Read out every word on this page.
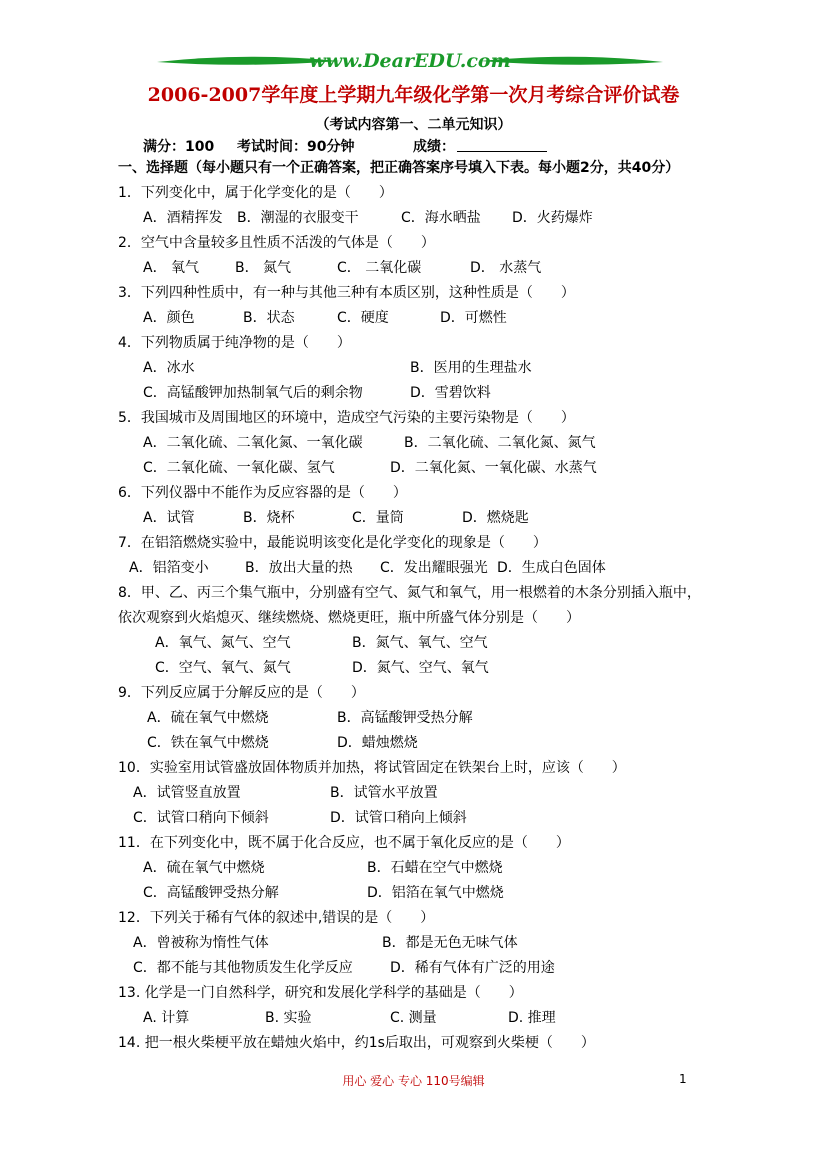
www.DearEDU.com
2006-2007学年度上学期九年级化学第一次月考综合评价试卷
（考试内容第一、二单元知识）
满分：100 考试时间：90分钟	成绩：
一、选择题（每小题只有一个正确答案，把正确答案序号填入下表。每小题2分，共40分）
1．下列变化中，属于化学变化的是（　　）
A．酒精挥发 B．潮湿的衣服变干	C．海水晒盐 D．火药爆炸
2．空气中含量较多且性质不活泼的气体是（　　）
A． 氧气	B． 氮气	C． 二氧化碳	D． 水蒸气
3．下列四种性质中，有一种与其他三种有本质区别，这种性质是（　　）
A．颜色	B．状态	C．硬度	D．可燃性
4．下列物质属于纯净物的是（　　）
A．冰水	B．医用的生理盐水
C．高锰酸钾加热制氧气后的剩余物	D．雪碧饮料
5．我国城市及周围地区的环境中，造成空气污染的主要污染物是（　　）
A．二氧化硫、二氧化氮、一氧化碳	B．二氧化硫、二氧化氮、氮气
C．二氧化硫、一氧化碳、氢气	D．二氧化氮、一氧化碳、水蒸气
6．下列仪器中不能作为反应容器的是（　　）
A．试管	B．烧杯	C．量筒	D．燃烧匙
7．在铝箔燃烧实验中，最能说明该变化是化学变化的现象是（　　）
A．铝箔变小	B．放出大量的热 C．发出耀眼强光 D．生成白色固体
8．甲、乙、丙三个集气瓶中，分别盛有空气、氮气和氧气，用一根燃着的木条分别插入瓶中，
依次观察到火焰熄灭、继续燃烧、燃烧更旺，瓶中所盛气体分别是（　　）
A．氧气、氮气、空气	B．氮气、氧气、空气
C．空气、氧气、氮气	D．氮气、空气、氧气
9．下列反应属于分解反应的是（　　）
A．硫在氧气中燃烧	B．高锰酸钾受热分解
C．铁在氧气中燃烧	D．蜡烛燃烧
10．实验室用试管盛放固体物质并加热，将试管固定在铁架台上时，应该（　　）
A．试管竖直放置	B．试管水平放置
C．试管口稍向下倾斜	D．试管口稍向上倾斜
11．在下列变化中，既不属于化合反应，也不属于氧化反应的是（　　）
A．硫在氧气中燃烧	B．石蜡在空气中燃烧
C．高锰酸钾受热分解	D．铝箔在氧气中燃烧
12．下列关于稀有气体的叙述中,错误的是（　　）
A．曾被称为惰性气体	B．都是无色无味气体
C．都不能与其他物质发生化学反应	D．稀有气体有广泛的用途
13. 化学是一门自然科学，研究和发展化学科学的基础是（　　）
A. 计算	B. 实验	C. 测量	D. 推理
14. 把一根火柴梗平放在蜡烛火焰中，约1s后取出，可观察到火柴梗（　　）
用心 爱心 专心 110号编辑	1
